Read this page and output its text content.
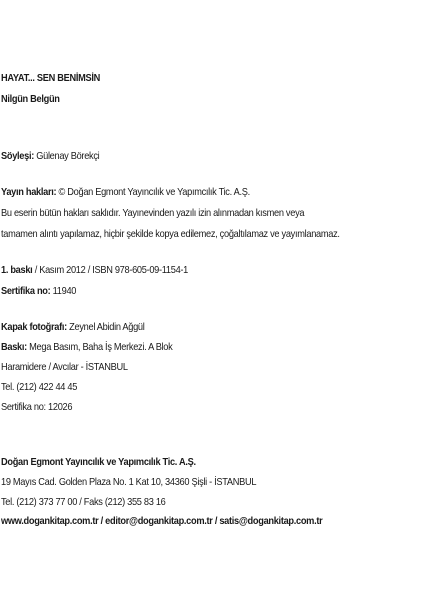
HAYAT... SEN BENİMSİN
Nilgün Belgün
Söyleşi: Gülenay Börekçi
Yayın hakları: © Doğan Egmont Yayıncılık ve Yapımcılık Tic. A.Ş.
Bu eserin bütün hakları saklıdır. Yayınevinden yazılı izin alınmadan kısmen veya
tamamen alıntı yapılamaz, hiçbir şekilde kopya edilemez, çoğaltılamaz ve yayımlanamaz.
1. baskı / Kasım 2012 / ISBN 978-605-09-1154-1
Sertifika no: 11940
Kapak fotoğrafı: Zeynel Abidin Ağgül
Baskı: Mega Basım, Baha İş Merkezi. A Blok
Haramidere / Avcılar - İSTANBUL
Tel. (212) 422 44 45
Sertifika no: 12026
Doğan Egmont Yayıncılık ve Yapımcılık Tic. A.Ş.
19 Mayıs Cad. Golden Plaza No. 1 Kat 10, 34360 Şişli - İSTANBUL
Tel. (212) 373 77 00 / Faks (212) 355 83 16
www.dogankitap.com.tr / editor@dogankitap.com.tr / satis@dogankitap.com.tr
